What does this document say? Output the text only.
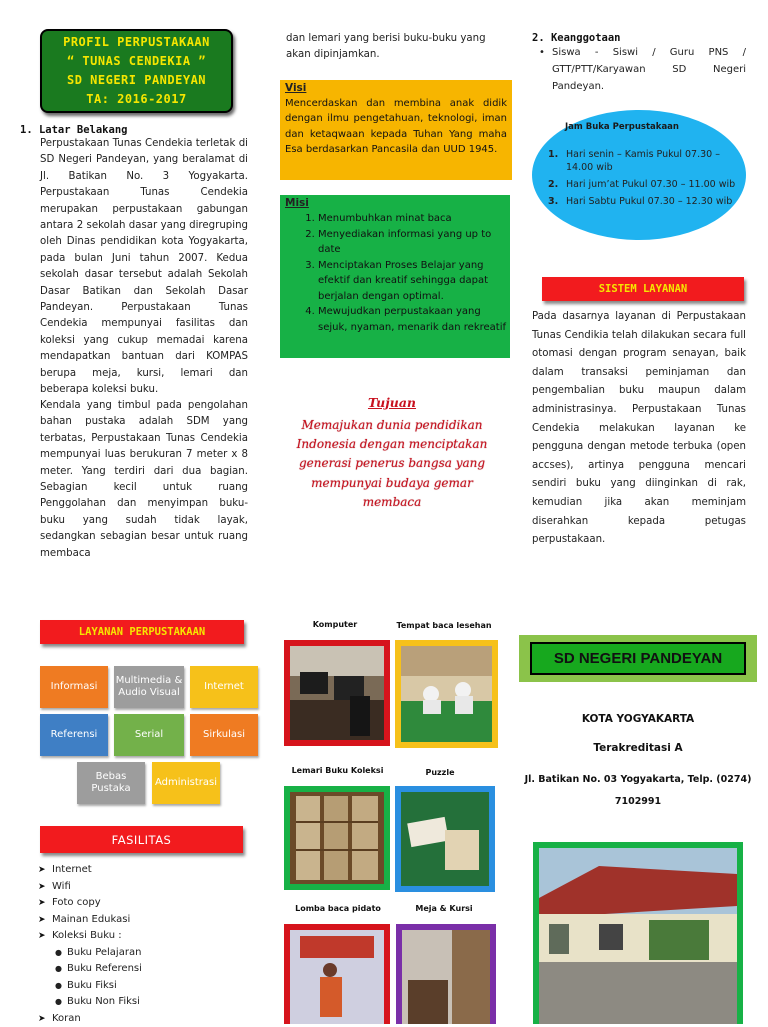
PROFIL PERPUSTAKAAN
“ TUNAS CENDEKIA ”
SD NEGERI PANDEYAN
TA: 2016-2017
1. Latar Belakang
Perpustakaan Tunas Cendekia terletak di SD Negeri Pandeyan, yang beralamat di Jl. Batikan No. 3 Yogyakarta. Perpustakaan Tunas Cendekia merupakan perpustakaan gabungan antara 2 sekolah dasar yang diregruping oleh Dinas pendidikan kota Yogyakarta, pada bulan Juni tahun 2007. Kedua sekolah dasar tersebut adalah Sekolah Dasar Batikan dan Sekolah Dasar Pandeyan. Perpustakaan Tunas Cendekia mempunyai fasilitas dan koleksi yang cukup memadai karena mendapatkan bantuan dari KOMPAS berupa meja, kursi, lemari dan beberapa koleksi buku.
Kendala yang timbul pada pengolahan bahan pustaka adalah SDM yang terbatas, Perpustakaan Tunas Cendekia mempunyai luas berukuran 7 meter x 8 meter. Yang terdiri dari dua bagian. Sebagian kecil untuk ruang Penggolahan dan menyimpan buku-buku yang sudah tidak layak, sedangkan sebagian besar untuk ruang membaca
dan lemari yang berisi buku-buku yang akan dipinjamkan.
Visi
Mencerdaskan dan membina anak didik dengan ilmu pengetahuan, teknologi, iman dan ketaqwaan kepada Tuhan Yang maha Esa berdasarkan Pancasila dan UUD 1945.
Misi
1. Menumbuhkan minat baca
2. Menyediakan informasi yang up to date
3. Menciptakan Proses Belajar yang efektif dan kreatif sehingga dapat berjalan dengan optimal.
4. Mewujudkan perpustakaan yang sejuk, nyaman, menarik dan rekreatif
Tujuan
Memajukan dunia pendidikan Indonesia dengan menciptakan generasi penerus bangsa yang mempunyai budaya gemar membaca
2. Keanggotaan
• Siswa - Siswi / Guru PNS / GTT/PTT/Karyawan SD Negeri Pandeyan.
Jam Buka Perpustakaan
1. Hari senin – Kamis Pukul 07.30 – 14.00 wib
2. Hari jum’at Pukul 07.30 – 11.00 wib
3. Hari Sabtu Pukul 07.30 – 12.30 wib
SISTEM LAYANAN
Pada dasarnya layanan di Perpustakaan Tunas Cendikia telah dilakukan secara full otomasi dengan program senayan, baik dalam transaksi peminjaman dan pengembalian buku maupun dalam administrasinya. Perpustakaan Tunas Cendekia melakukan layanan ke pengguna dengan metode terbuka (open accses), artinya pengguna mencari sendiri buku yang diinginkan di rak, kemudian jika akan meminjam diserahkan kepada petugas perpustakaan.
LAYANAN PERPUSTAKAAN
Informasi
Multimedia & Audio Visual
Internet
Referensi	Serial	Sirkulasi
Bebas Pustaka
Administrasi
FASILITAS
➤ Internet
➤ Wifi
➤ Foto copy
➤ Mainan Edukasi
➤ Koleksi Buku :
● Buku Pelajaran
● Buku Referensi
● Buku Fiksi
● Buku Non Fiksi
➤ Koran
Komputer	Tempat baca lesehan
Lemari Buku Koleksi	Puzzle
Lomba baca pidato	Meja & Kursi
SD NEGERI PANDEYAN
KOTA YOGYAKARTA
Terakreditasi A
Jl. Batikan No. 03 Yogyakarta, Telp. (0274)
7102991
